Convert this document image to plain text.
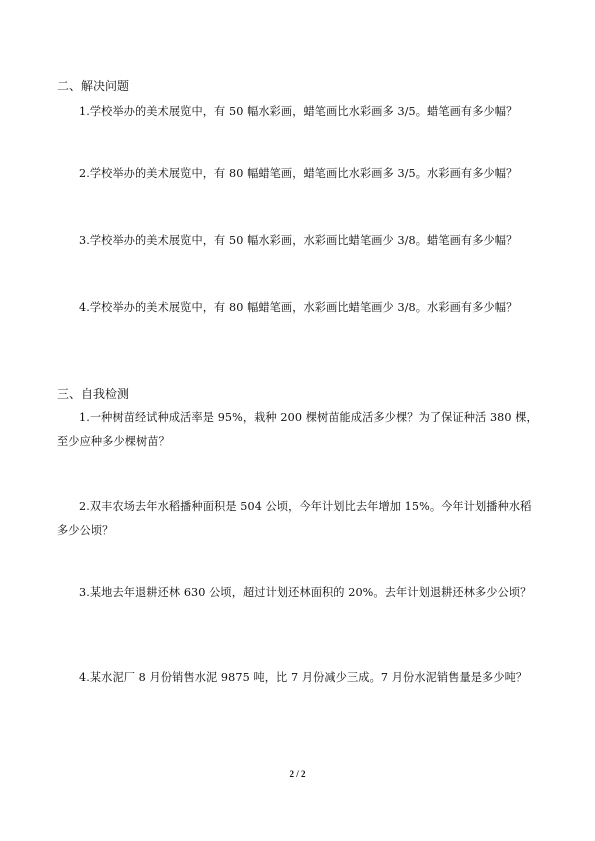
二、解决问题
1.学校举办的美术展览中，有 50 幅水彩画，蜡笔画比水彩画多 3/5。蜡笔画有多少幅？
2.学校举办的美术展览中，有 80 幅蜡笔画，蜡笔画比水彩画多 3/5。水彩画有多少幅？
3.学校举办的美术展览中，有 50 幅水彩画，水彩画比蜡笔画少 3/8。蜡笔画有多少幅？
4.学校举办的美术展览中，有 80 幅蜡笔画，水彩画比蜡笔画少 3/8。水彩画有多少幅？
三、自我检测
1.一种树苗经试种成活率是 95%，栽种 200 棵树苗能成活多少棵？为了保证种活 380 棵，至少应种多少棵树苗？
2.双丰农场去年水稻播种面积是 504 公顷，今年计划比去年增加 15%。今年计划播种水稻多少公顷？
3.某地去年退耕还林 630 公顷，超过计划还林面积的 20%。去年计划退耕还林多少公顷？
4.某水泥厂 8 月份销售水泥 9875 吨，比 7 月份减少三成。7 月份水泥销售量是多少吨？
2 / 2
